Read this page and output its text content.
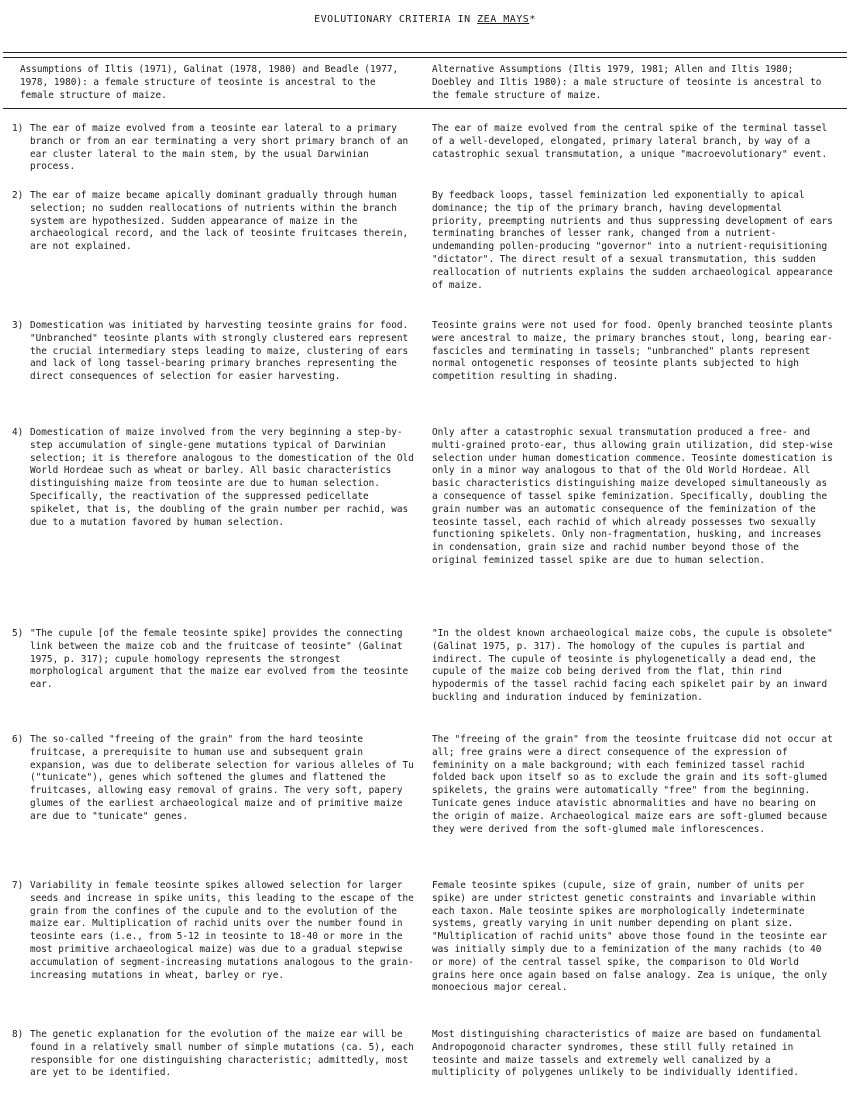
EVOLUTIONARY CRITERIA IN ZEA MAYS*
Assumptions of Iltis (1971), Galinat (1978, 1980) and Beadle (1977, 1978, 1980): a female structure of teosinte is ancestral to the female structure of maize.
Alternative Assumptions (Iltis 1979, 1981; Allen and Iltis 1980; Doebley and Iltis 1980): a male structure of teosinte is ancestral to the female structure of maize.
1) The ear of maize evolved from a teosinte ear lateral to a primary branch or from an ear terminating a very short primary branch of an ear cluster lateral to the main stem, by the usual Darwinian process.
The ear of maize evolved from the central spike of the terminal tassel of a well-developed, elongated, primary lateral branch, by way of a catastrophic sexual transmutation, a unique "macroevolutionary" event.
2) The ear of maize became apically dominant gradually through human selection; no sudden reallocations of nutrients within the branch system are hypothesized. Sudden appearance of maize in the archaeological record, and the lack of teosinte fruitcases therein, are not explained.
By feedback loops, tassel feminization led exponentially to apical dominance; the tip of the primary branch, having developmental priority, preempting nutrients and thus suppressing development of ears terminating branches of lesser rank, changed from a nutrient-undemanding pollen-producing "governor" into a nutrient-requisitioning "dictator". The direct result of a sexual transmutation, this sudden reallocation of nutrients explains the sudden archaeological appearance of maize.
3) Domestication was initiated by harvesting teosinte grains for food. "Unbranched" teosinte plants with strongly clustered ears represent the crucial intermediary steps leading to maize, clustering of ears and lack of long tassel-bearing primary branches representing the direct consequences of selection for easier harvesting.
Teosinte grains were not used for food. Openly branched teosinte plants were ancestral to maize, the primary branches stout, long, bearing ear-fascicles and terminating in tassels; "unbranched" plants represent normal ontogenetic responses of teosinte plants subjected to high competition resulting in shading.
4) Domestication of maize involved from the very beginning a step-by-step accumulation of single-gene mutations typical of Darwinian selection; it is therefore analogous to the domestication of the Old World Hordeae such as wheat or barley. All basic characteristics distinguishing maize from teosinte are due to human selection. Specifically, the reactivation of the suppressed pedicellate spikelet, that is, the doubling of the grain number per rachid, was due to a mutation favored by human selection.
Only after a catastrophic sexual transmutation produced a free- and multi-grained proto-ear, thus allowing grain utilization, did step-wise selection under human domestication commence. Teosinte domestication is only in a minor way analogous to that of the Old World Hordeae. All basic characteristics distinguishing maize developed simultaneously as a consequence of tassel spike feminization. Specifically, doubling the grain number was an automatic consequence of the feminization of the teosinte tassel, each rachid of which already possesses two sexually functioning spikelets. Only non-fragmentation, husking, and increases in condensation, grain size and rachid number beyond those of the original feminized tassel spike are due to human selection.
5) "The cupule [of the female teosinte spike] provides the connecting link between the maize cob and the fruitcase of teosinte" (Galinat 1975, p. 317); cupule homology represents the strongest morphological argument that the maize ear evolved from the teosinte ear.
"In the oldest known archaeological maize cobs, the cupule is obsolete" (Galinat 1975, p. 317). The homology of the cupules is partial and indirect. The cupule of teosinte is phylogenetically a dead end, the cupule of the maize cob being derived from the flat, thin rind hypodermis of the tassel rachid facing each spikelet pair by an inward buckling and induration induced by feminization.
6) The so-called "freeing of the grain" from the hard teosinte fruitcase, a prerequisite to human use and subsequent grain expansion, was due to deliberate selection for various alleles of Tu ("tunicate"), genes which softened the glumes and flattened the fruitcases, allowing easy removal of grains. The very soft, papery glumes of the earliest archaeological maize and of primitive maize are due to "tunicate" genes.
The "freeing of the grain" from the teosinte fruitcase did not occur at all; free grains were a direct consequence of the expression of femininity on a male background; with each feminized tassel rachid folded back upon itself so as to exclude the grain and its soft-glumed spikelets, the grains were automatically "free" from the beginning. Tunicate genes induce atavistic abnormalities and have no bearing on the origin of maize. Archaeological maize ears are soft-glumed because they were derived from the soft-glumed male inflorescences.
7) Variability in female teosinte spikes allowed selection for larger seeds and increase in spike units, this leading to the escape of the grain from the confines of the cupule and to the evolution of the maize ear. Multiplication of rachid units over the number found in teosinte ears (i.e., from 5-12 in teosinte to 18-40 or more in the most primitive archaeological maize) was due to a gradual stepwise accumulation of segment-increasing mutations analogous to the grain-increasing mutations in wheat, barley or rye.
Female teosinte spikes (cupule, size of grain, number of units per spike) are under strictest genetic constraints and invariable within each taxon. Male teosinte spikes are morphologically indeterminate systems, greatly varying in unit number depending on plant size. "Multiplication of rachid units" above those found in the teosinte ear was initially simply due to a feminization of the many rachids (to 40 or more) of the central tassel spike, the comparison to Old World grains here once again based on false analogy. Zea is unique, the only monoecious major cereal.
8) The genetic explanation for the evolution of the maize ear will be found in a relatively small number of simple mutations (ca. 5), each responsible for one distinguishing characteristic; admittedly, most are yet to be identified.
Most distinguishing characteristics of maize are based on fundamental Andropogonoid character syndromes, these still fully retained in teosinte and maize tassels and extremely well canalized by a multiplicity of polygenes unlikely to be individually identified.
